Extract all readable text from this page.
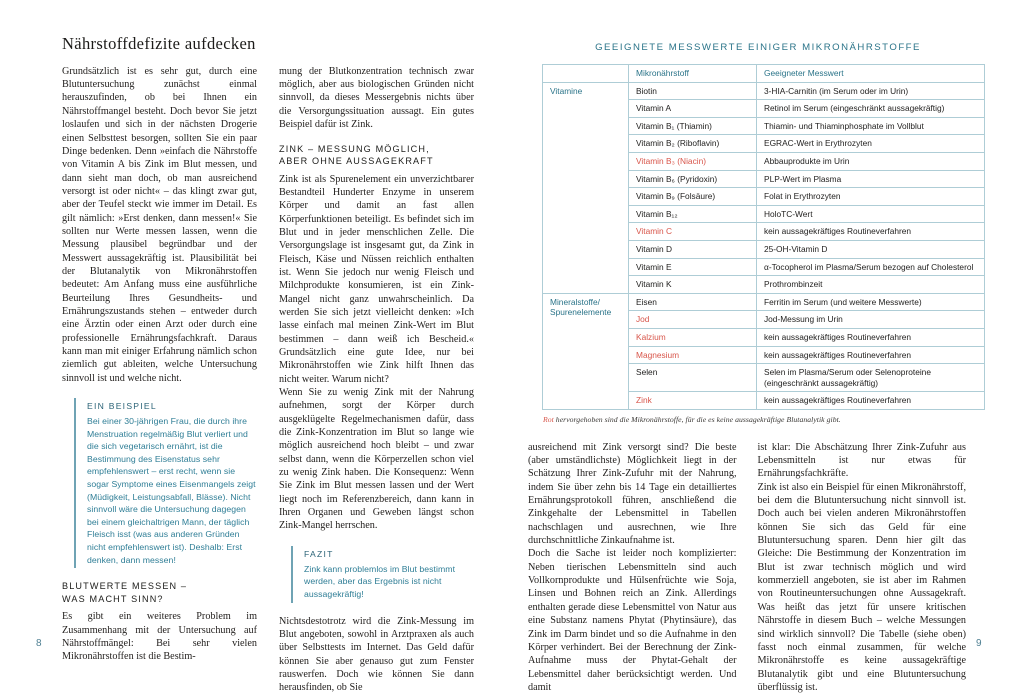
Nährstoffdefizite aufdecken

Grundsätzlich ist es sehr gut, durch eine Blutuntersuchung zunächst einmal herauszufinden, ob bei Ihnen ein Nährstoffmangel besteht. Doch bevor Sie jetzt loslaufen und sich in der nächsten Drogerie einen Selbsttest besorgen, sollten Sie ein paar Dinge bedenken. Denn »einfach die Nährstoffe von Vitamin A bis Zink im Blut messen, und dann sieht man doch, ob man ausreichend versorgt ist oder nicht« – das klingt zwar gut, aber der Teufel steckt wie immer im Detail. Es gilt nämlich: »Erst denken, dann messen!« Sie sollten nur Werte messen lassen, wenn die Messung plausibel begründbar und der Messwert aussagekräftig ist. Plausibilität bei der Blutanalytik von Mikronährstoffen bedeutet: Am Anfang muss eine ausführliche Beurteilung Ihres Gesundheits- und Ernährungszustands stehen – entweder durch eine Ärztin oder einen Arzt oder durch eine professionelle Ernährungsfachkraft. Daraus kann man mit einiger Erfahrung nämlich schon ziemlich gut ableiten, welche Untersuchung sinnvoll ist und welche nicht.

EIN BEISPIEL
Bei einer 30-jährigen Frau, die durch ihre Menstruation regelmäßig Blut verliert und die sich vegetarisch ernährt, ist die Bestimmung des Eisenstatus sehr empfehlenswert – erst recht, wenn sie sogar Symptome eines Eisenmangels zeigt (Müdigkeit, Leistungsabfall, Blässe). Nicht sinnvoll wäre die Untersuchung dagegen bei einem gleichaltrigen Mann, der täglich Fleisch isst (was aus anderen Gründen nicht empfehlenswert ist). Deshalb: Erst denken, dann messen!
BLUTWERTE MESSEN –
WAS MACHT SINN?

Es gibt ein weiteres Problem im Zusammenhang mit der Untersuchung auf Nährstoffmängel: Bei sehr vielen Mikronährstoffen ist die Bestim-

mung der Blutkonzentration technisch zwar möglich, aber aus biologischen Gründen nicht sinnvoll, da dieses Messergebnis nichts über die Versorgungssituation aussagt. Ein gutes Beispiel dafür ist Zink.

ZINK – MESSUNG MÖGLICH,
ABER OHNE AUSSAGEKRAFT

Zink ist als Spurenelement ein unverzichtbarer Bestandteil Hunderter Enzyme in unserem Körper und damit an fast allen Körperfunktionen beteiligt. Es befindet sich im Blut und in jeder menschlichen Zelle. Die Versorgungslage ist insgesamt gut, da Zink in Fleisch, Käse und Nüssen reichlich enthalten ist. Wenn Sie jedoch nur wenig Fleisch und Milchprodukte konsumieren, ist ein Zink-Mangel nicht ganz unwahrscheinlich. Da werden Sie sich jetzt vielleicht denken: »Ich lasse einfach mal meinen Zink-Wert im Blut bestimmen – dann weiß ich Bescheid.« Grundsätzlich eine gute Idee, nur bei Mikronährstoffen wie Zink hilft Ihnen das nicht weiter. Warum nicht?

Wenn Sie zu wenig Zink mit der Nahrung aufnehmen, sorgt der Körper durch ausgeklügelte Regelmechanismen dafür, dass die Zink-Konzentration im Blut so lange wie möglich ausreichend hoch bleibt – und zwar selbst dann, wenn die Körperzellen schon viel zu wenig Zink haben. Die Konsequenz: Wenn Sie Zink im Blut messen lassen und der Wert liegt noch im Referenzbereich, dann kann in Ihren Organen und Geweben längst schon Zink-Mangel herrschen.

FAZIT
Zink kann problemlos im Blut bestimmt werden, aber das Ergebnis ist nicht aussagekräftig!

Nichtsdestotrotz wird die Zink-Messung im Blut angeboten, sowohl in Arztpraxen als auch über Selbsttests im Internet. Das Geld dafür können Sie aber genauso gut zum Fenster rauswerfen. Doch wie können Sie dann herausfinden, ob Sie

8
GEEIGNETE MESSWERTE EINIGER MIKRONÄHRSTOFFE
	Mikronährstoff	Geeigneter Messwert
Vitamine	Biotin	3-HIA-Carnitin (im Serum oder im Urin)
	Vitamin A	Retinol im Serum (eingeschränkt aussagekräftig)
	Vitamin B₁ (Thiamin)	Thiamin- und Thiaminphosphate im Vollblut
	Vitamin B₂ (Riboflavin)	EGRAC-Wert in Erythrozyten
	Vitamin B₃ (Niacin)	Abbauprodukte im Urin
	Vitamin B₆ (Pyridoxin)	PLP-Wert im Plasma
	Vitamin B₉ (Folsäure)	Folat in Erythrozyten
	Vitamin B₁₂	HoloTC-Wert
	Vitamin C	kein aussagekräftiges Routineverfahren
	Vitamin D	25-OH-Vitamin D
	Vitamin E	α-Tocopherol im Plasma/Serum bezogen auf Cholesterol
	Vitamin K	Prothrombinzeit
Mineralstoffe/ Spurenelemente	Eisen	Ferritin im Serum (und weitere Messwerte)
	Jod	Jod-Messung im Urin
	Kalzium	kein aussagekräftiges Routineverfahren
	Magnesium	kein aussagekräftiges Routineverfahren
	Selen	Selen im Plasma/Serum oder Selenoproteine (eingeschränkt aussagekräftig)
	Zink	kein aussagekräftiges Routineverfahren
Rot hervorgehoben sind die Mikronährstoffe, für die es keine aussagekräftige Blutanalytik gibt.

ausreichend mit Zink versorgt sind? Die beste (aber umständlichste) Möglichkeit liegt in der Schätzung Ihrer Zink-Zufuhr mit der Nahrung, indem Sie über zehn bis 14 Tage ein detailliertes Ernährungsprotokoll führen, anschließend die Zinkgehalte der Lebensmittel in Tabellen nachschlagen und ausrechnen, wie Ihre durchschnittliche Zinkaufnahme ist.

Doch die Sache ist leider noch komplizierter: Neben tierischen Lebensmitteln sind auch Vollkornprodukte und Hülsenfrüchte wie Soja, Linsen und Bohnen reich an Zink. Allerdings enthalten gerade diese Lebensmittel von Natur aus eine Substanz namens Phytat (Phytinsäure), das Zink im Darm bindet und so die Aufnahme in den Körper verhindert. Bei der Berechnung der Zink-Aufnahme muss der Phytat-Gehalt der Lebensmittel daher berücksichtigt werden. Und damit

ist klar: Die Abschätzung Ihrer Zink-Zufuhr aus Lebensmitteln ist nur etwas für Ernährungsfachkräfte.

Zink ist also ein Beispiel für einen Mikronährstoff, bei dem die Blutuntersuchung nicht sinnvoll ist. Doch auch bei vielen anderen Mikronährstoffen können Sie sich das Geld für eine Blutuntersuchung sparen. Denn hier gilt das Gleiche: Die Bestimmung der Konzentration im Blut ist zwar technisch möglich und wird kommerziell angeboten, sie ist aber im Rahmen von Routineuntersuchungen ohne Aussagekraft. Was heißt das jetzt für unsere kritischen Nährstoffe in diesem Buch – welche Messungen sind wirklich sinnvoll? Die Tabelle (siehe oben) fasst noch einmal zusammen, für welche Mikronährstoffe es keine aussagekräftige Blutanalytik gibt und eine Blutuntersuchung überflüssig ist.

9
